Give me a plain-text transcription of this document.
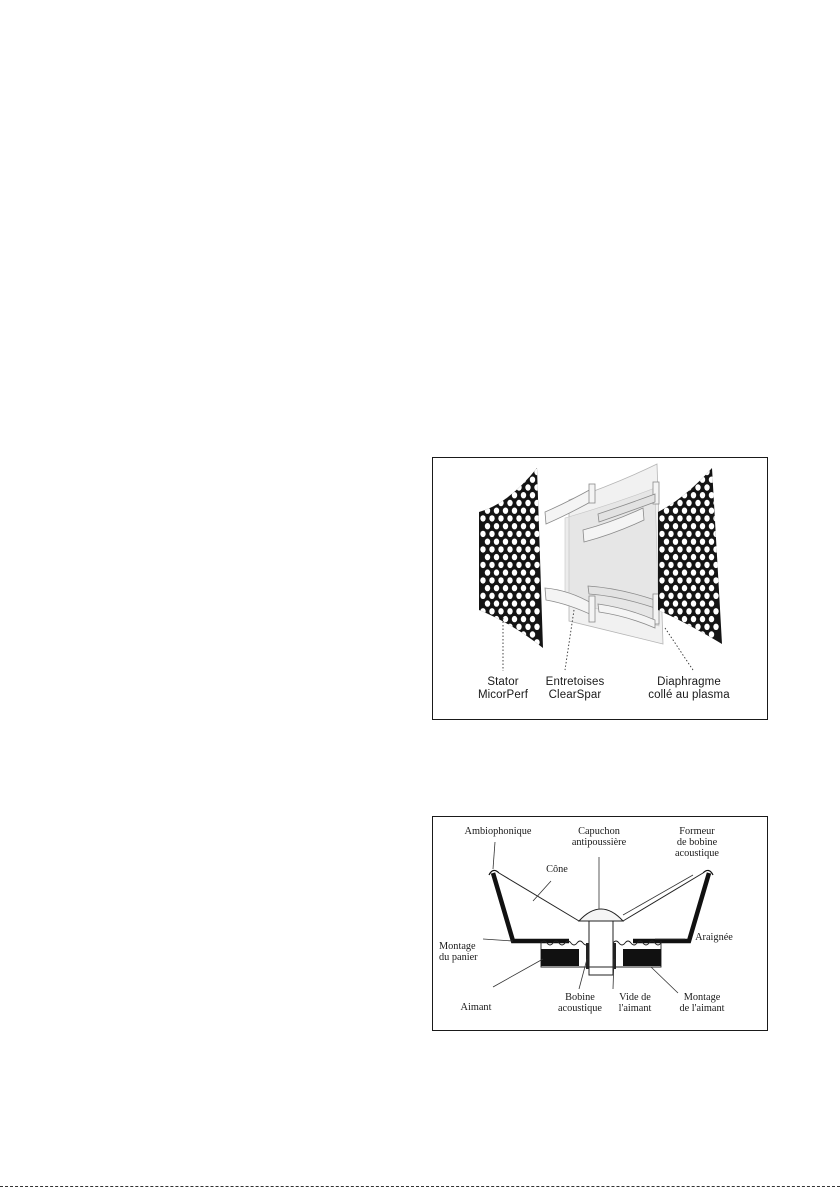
Stator
MicorPerf
Entretoises
ClearSpar
Diaphragme
collé au plasma
Ambiophonique	Capuchon
antipoussière
Formeur
de bobine
acoustique
Cône
Araignée
Montage
du panier
Aimant
Bobine
acoustique
Vide de
l'aimant
Montage
de l'aimant
